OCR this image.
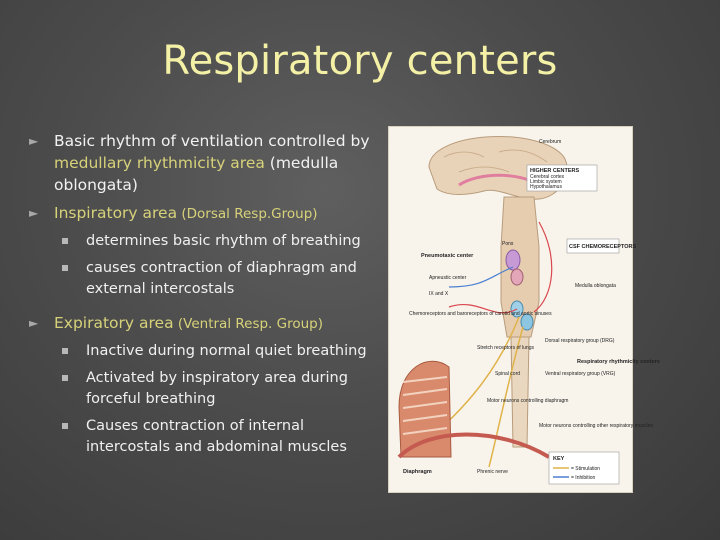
Respiratory centers
► Basic rhythm of ventilation controlled by medullary rhythmicity area (medulla oblongata)
► Inspiratory area (Dorsal Resp.Group)
determines basic rhythm of breathing
causes contraction of diaphragm and external intercostals
► Expiratory area (Ventral Resp. Group)
Inactive during normal quiet breathing
Activated by inspiratory area during forceful breathing
Causes contraction of internal intercostals and abdominal muscles
Cerebrum
HIGHER CENTERS
Cerebral cortex
Limbic system
Hypothalamus
Pons
Pneumotaxic center
CSF CHEMORECEPTORS
Apneustic center
IX and X
Medulla oblongata
Chemoreceptors and baroreceptors of carotid and aortic sinuses
Stretch receptors of lungs
Dorsal respiratory group (DRG)
Respiratory rhythmicity centers
Spinal cord	Ventral respiratory group (VRG)
Motor neurons controlling diaphragm
Motor neurons controlling other respiratory muscles
Diaphragm	Phrenic nerve
KEY
= Stimulation
= Inhibition
